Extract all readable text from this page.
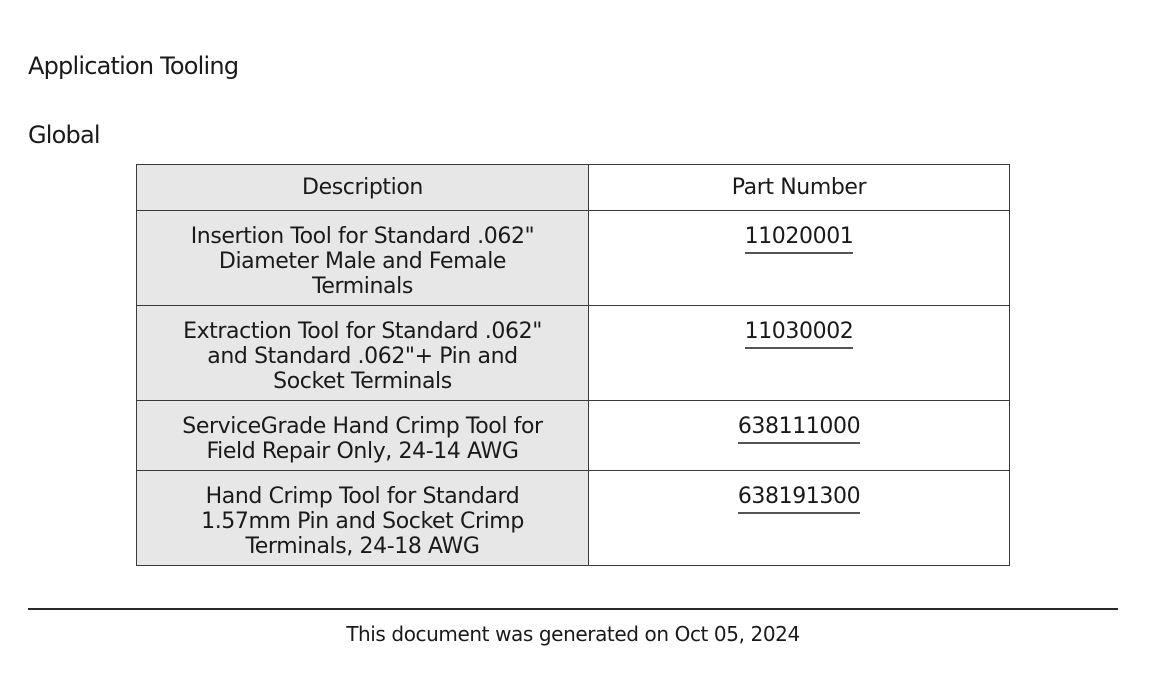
Application Tooling
Global
Description	Part Number

Insertion Tool for Standard .062"
Diameter Male and Female
Terminals	11020001

Extraction Tool for Standard .062"
and Standard .062"+ Pin and
Socket Terminals	11030002

ServiceGrade Hand Crimp Tool for
Field Repair Only, 24-14 AWG	638111000

Hand Crimp Tool for Standard
1.57mm Pin and Socket Crimp
Terminals, 24-18 AWG	638191300
This document was generated on Oct 05, 2024
